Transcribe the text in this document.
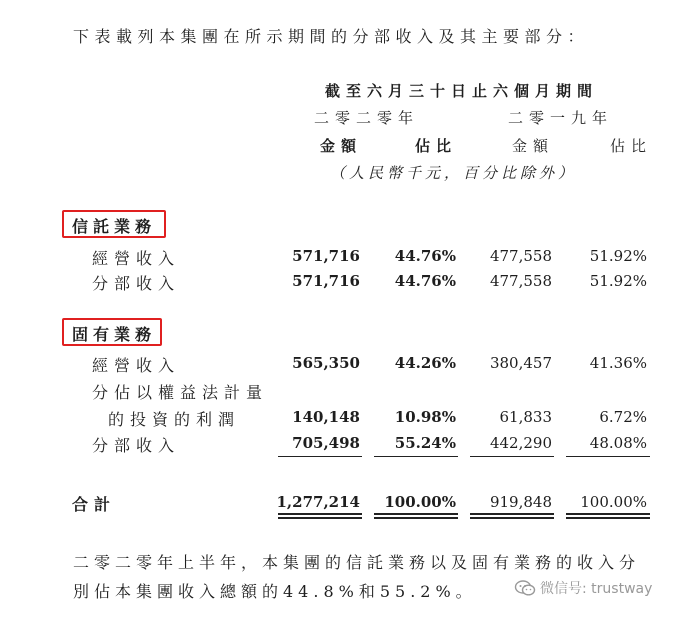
下表載列本集團在所示期間的分部收入及其主要部分：
截至六月三十日止六個月期間
二零二零年	二零一九年
金額	佔比	金額	佔比
（人民幣千元，百分比除外）
信託業務
經營收入	571,716	44.76%	477,558	51.92%
分部收入	571,716	44.76%	477,558	51.92%
固有業務
經營收入	565,350	44.26%	380,457	41.36%
分佔以權益法計量
的投資的利潤	140,148	10.98%	61,833	6.72%
分部收入	705,498	55.24%	442,290	48.08%
合計	1,277,214	100.00%	919,848	100.00%
二零二零年上半年，本集團的信託業務以及固有業務的收入分
別佔本集團收入總額的44.8%和55.2%。	微信号: trustway
